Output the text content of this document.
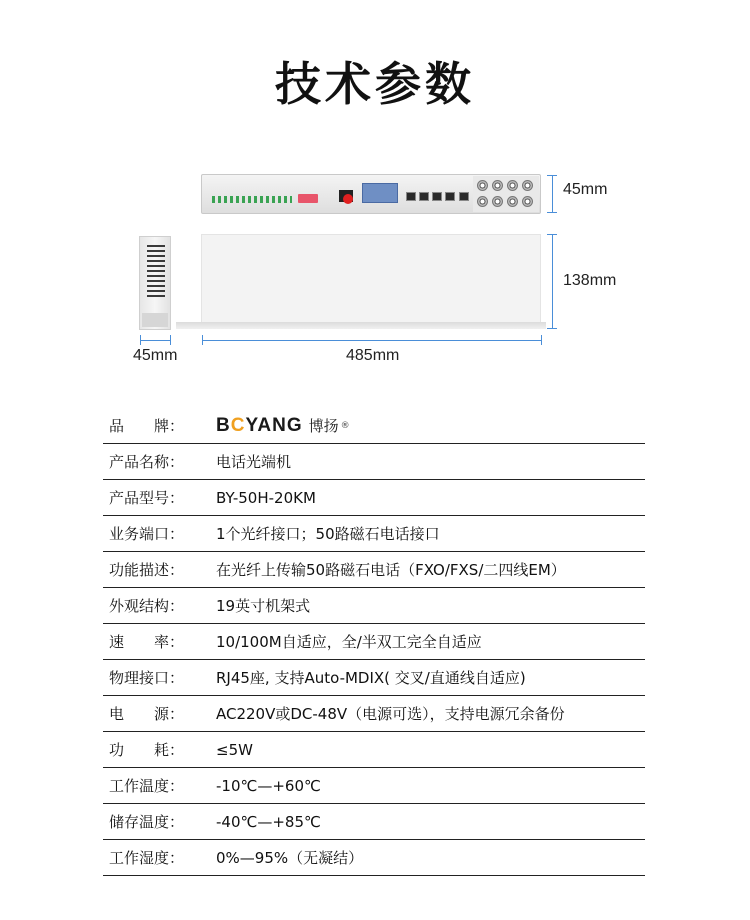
技术参数
45mm
138mm
45mm	485mm
品　　牌： BCYANG 博扬 ®
产品名称： 电话光端机
产品型号： BY-50H-20KM
业务端口： 1个光纤接口；50路磁石电话接口
功能描述： 在光纤上传输50路磁石电话（FXO/FXS/二四线EM）
外观结构： 19英寸机架式
速　　率： 10/100M自适应，全/半双工完全自适应
物理接口： RJ45座, 支持Auto-MDIX( 交叉/直通线自适应)
电　　源： AC220V或DC-48V（电源可选），支持电源冗余备份
功　　耗： ≤5W
工作温度： -10℃—+60℃
储存温度： -40℃—+85℃
工作湿度： 0%—95%（无凝结）
